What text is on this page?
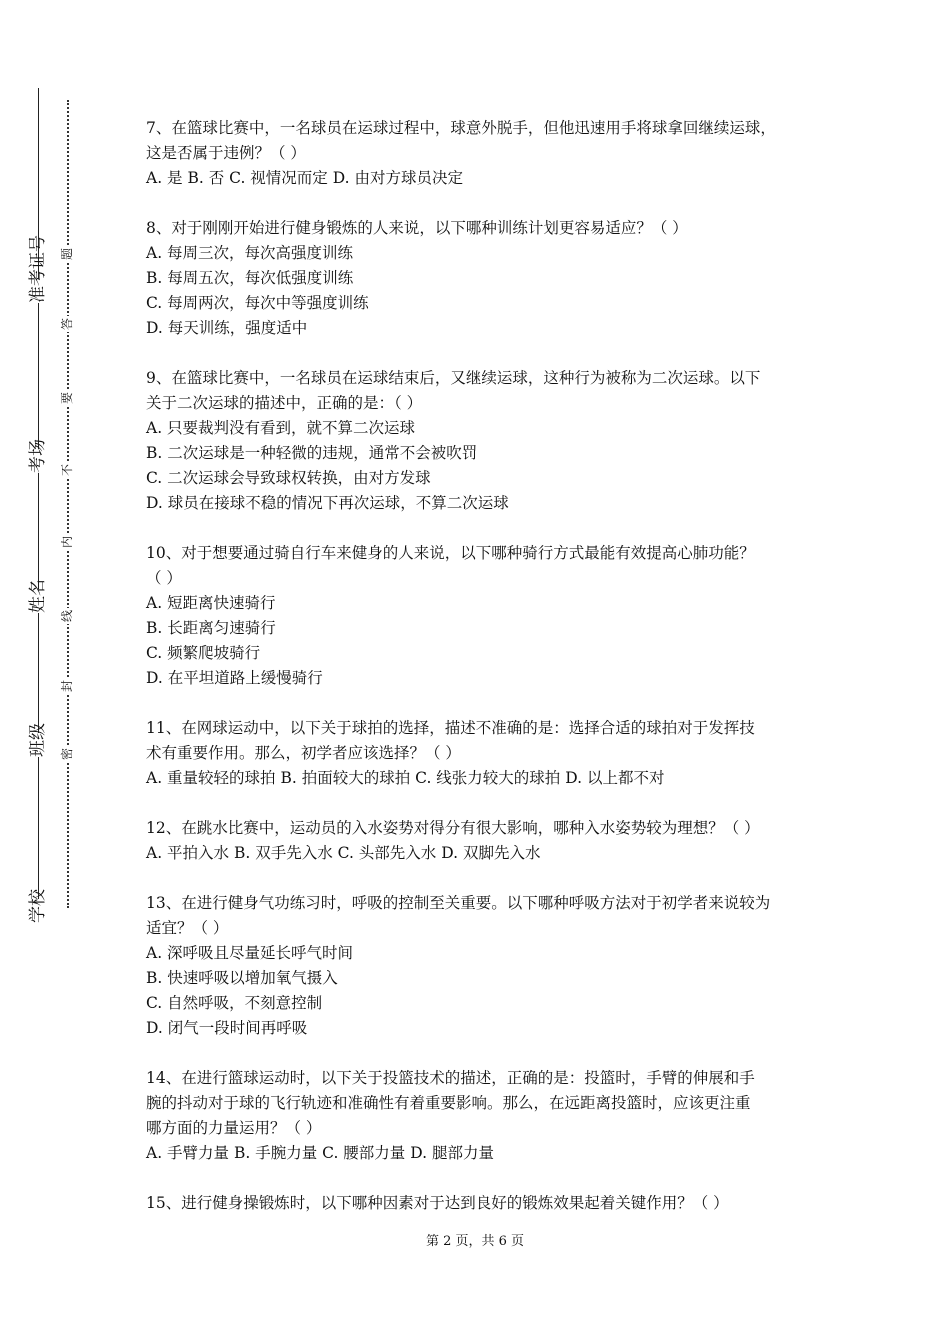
准考证号
考场
姓名
班级
学校
题
答
要
不
内
线
封
密

7、在篮球比赛中，一名球员在运球过程中，球意外脱手，但他迅速用手将球拿回继续运球，

这是否属于违例？（ ）

A. 是 B. 否 C. 视情况而定 D. 由对方球员决定

8、对于刚刚开始进行健身锻炼的人来说，以下哪种训练计划更容易适应？（ ）

A. 每周三次，每次高强度训练

B. 每周五次，每次低强度训练

C. 每周两次，每次中等强度训练

D. 每天训练，强度适中

9、在篮球比赛中，一名球员在运球结束后，又继续运球，这种行为被称为二次运球。以下

关于二次运球的描述中，正确的是：（ ）

A. 只要裁判没有看到，就不算二次运球

B. 二次运球是一种轻微的违规，通常不会被吹罚

C. 二次运球会导致球权转换，由对方发球

D. 球员在接球不稳的情况下再次运球，不算二次运球

10、对于想要通过骑自行车来健身的人来说，以下哪种骑行方式最能有效提高心肺功能？

（ ）

A. 短距离快速骑行

B. 长距离匀速骑行

C. 频繁爬坡骑行

D. 在平坦道路上缓慢骑行

11、在网球运动中，以下关于球拍的选择，描述不准确的是：选择合适的球拍对于发挥技

术有重要作用。那么，初学者应该选择？（ ）

A. 重量较轻的球拍 B. 拍面较大的球拍 C. 线张力较大的球拍 D. 以上都不对

12、在跳水比赛中，运动员的入水姿势对得分有很大影响，哪种入水姿势较为理想？（ ）

A. 平拍入水 B. 双手先入水 C. 头部先入水 D. 双脚先入水

13、在进行健身气功练习时，呼吸的控制至关重要。以下哪种呼吸方法对于初学者来说较为

适宜？（ ）

A. 深呼吸且尽量延长呼气时间

B. 快速呼吸以增加氧气摄入

C. 自然呼吸，不刻意控制

D. 闭气一段时间再呼吸

14、在进行篮球运动时，以下关于投篮技术的描述，正确的是：投篮时，手臂的伸展和手

腕的抖动对于球的飞行轨迹和准确性有着重要影响。那么，在远距离投篮时，应该更注重

哪方面的力量运用？（ ）

A. 手臂力量 B. 手腕力量 C. 腰部力量 D. 腿部力量

15、进行健身操锻炼时，以下哪种因素对于达到良好的锻炼效果起着关键作用？（ ）

第 2 页，共 6 页
